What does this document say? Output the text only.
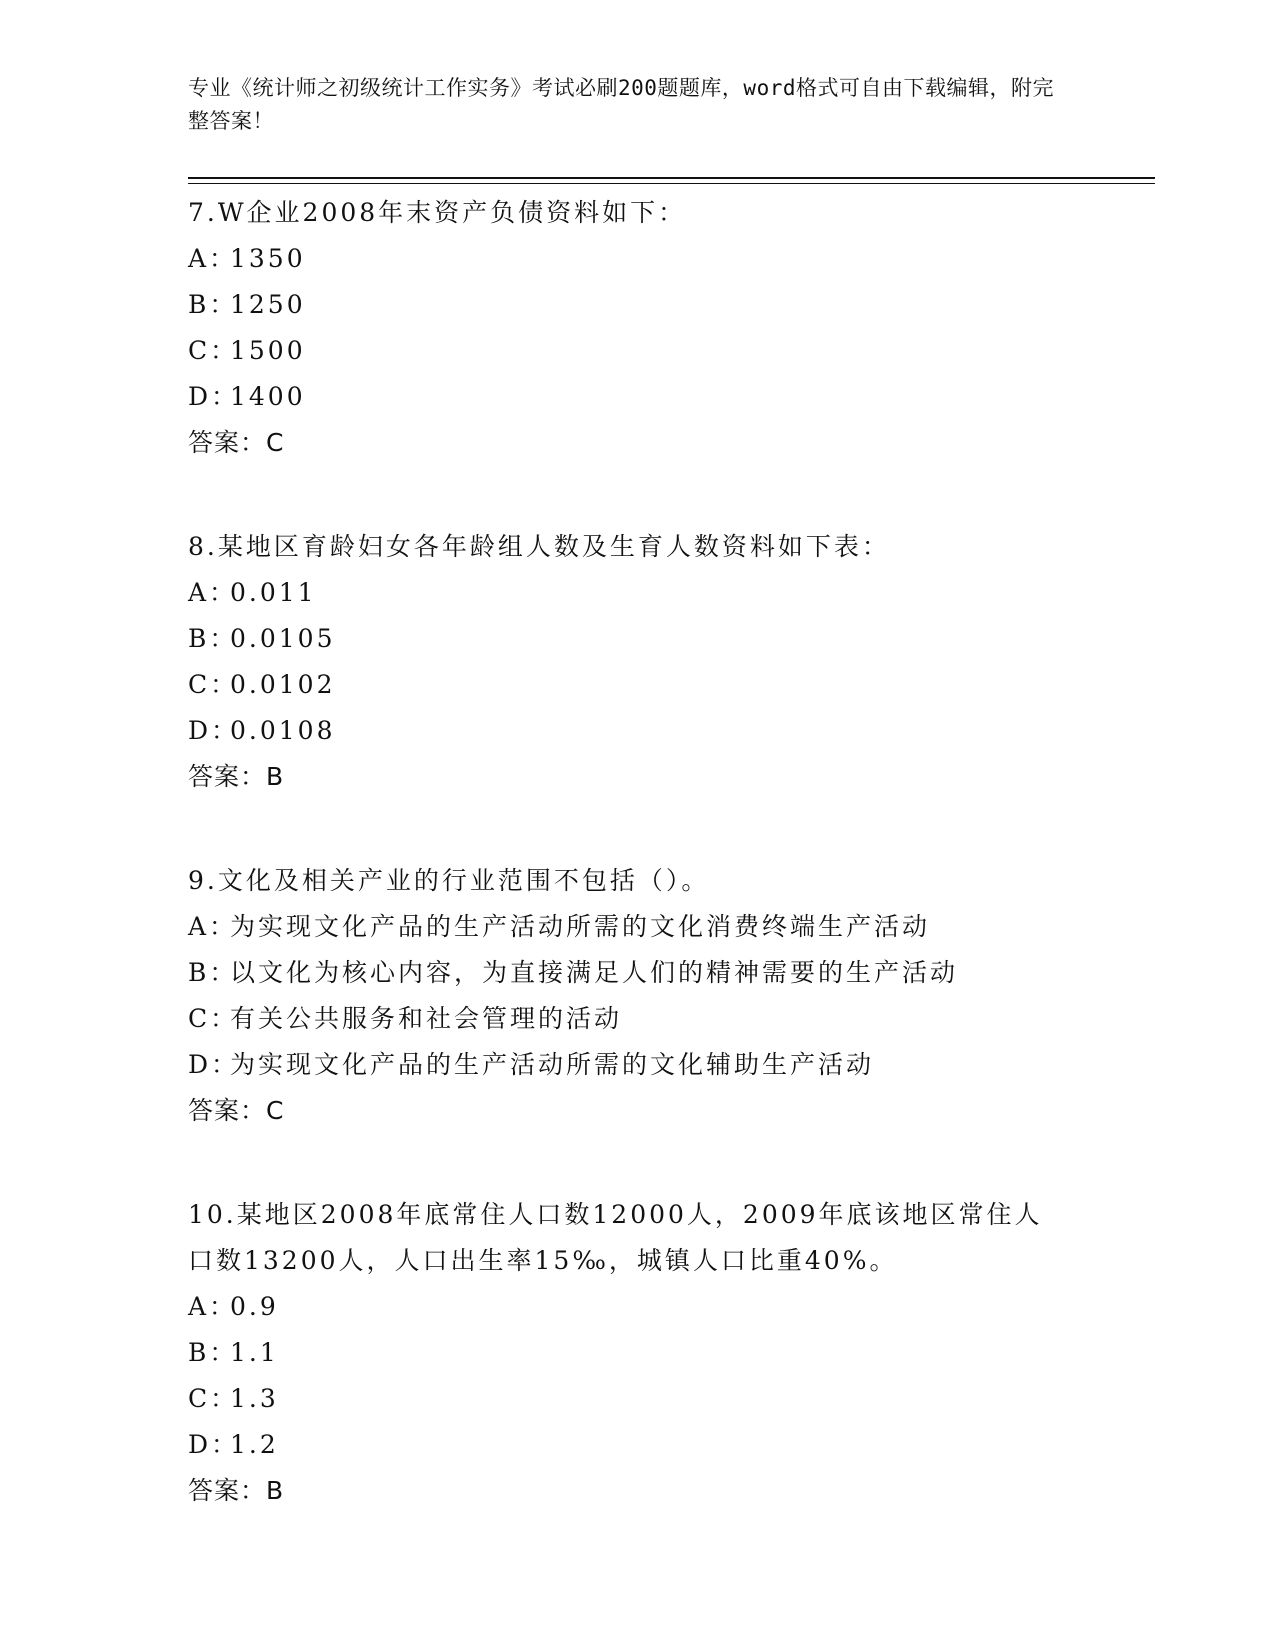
专业《统计师之初级统计工作实务》考试必刷200题题库，word格式可自由下载编辑，附完整答案！
7.W企业2008年末资产负债资料如下：
A：
1350
B：
1250
C：
1500
D：
1400
答案：C
8.某地区育龄妇女各年龄组人数及生育人数资料如下表：
A：
0.011
B：
0.0105
C：
0.0102
D：
0.0108
答案：B
9.文化及相关产业的行业范围不包括（）。
A：
为实现文化产品的生产活动所需的文化消费终端生产活动
B：
以文化为核心内容，为直接满足人们的精神需要的生产活动
C：
有关公共服务和社会管理的活动
D：
为实现文化产品的生产活动所需的文化辅助生产活动
答案：C
10.某地区2008年底常住人口数12000人，2009年底该地区常住人口数13200人，人口出生率15‰，城镇人口比重40%。
A：
0.9
B：
1.1
C：
1.3
D：
1.2
答案：B
